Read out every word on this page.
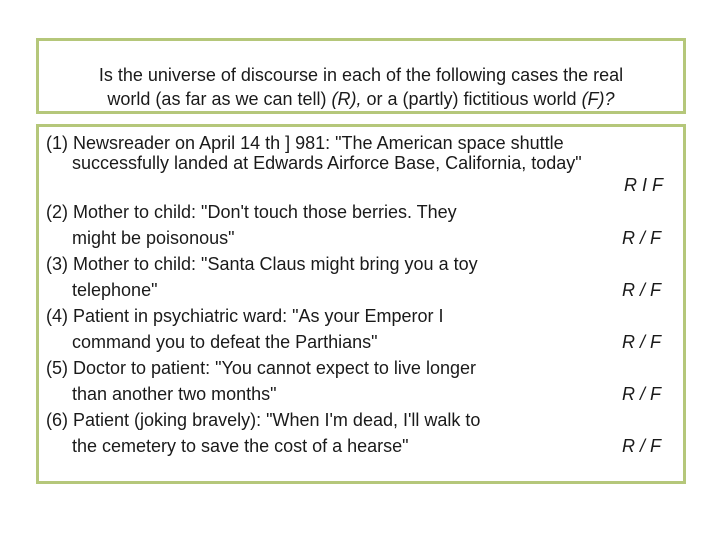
Is the universe of discourse in each of the following cases the real
world (as far as we can tell) (R), or a (partly) fictitious world (F)?
(1) Newsreader on April 14 th ] 981: "The American space shuttle
successfully landed at Edwards Airforce Base, California, today"
R I F
(2) Mother to child: "Don't touch those berries. They
might be poisonous"	R / F
(3) Mother to child: "Santa Claus might bring you a toy
telephone"	R / F
(4) Patient in psychiatric ward: "As your Emperor I
command you to defeat the Parthians"	R / F
(5) Doctor to patient: "You cannot expect to live longer
than another two months"	R / F
(6) Patient (joking bravely): "When I'm dead, I'll walk to
the cemetery to save the cost of a hearse"	R / F
